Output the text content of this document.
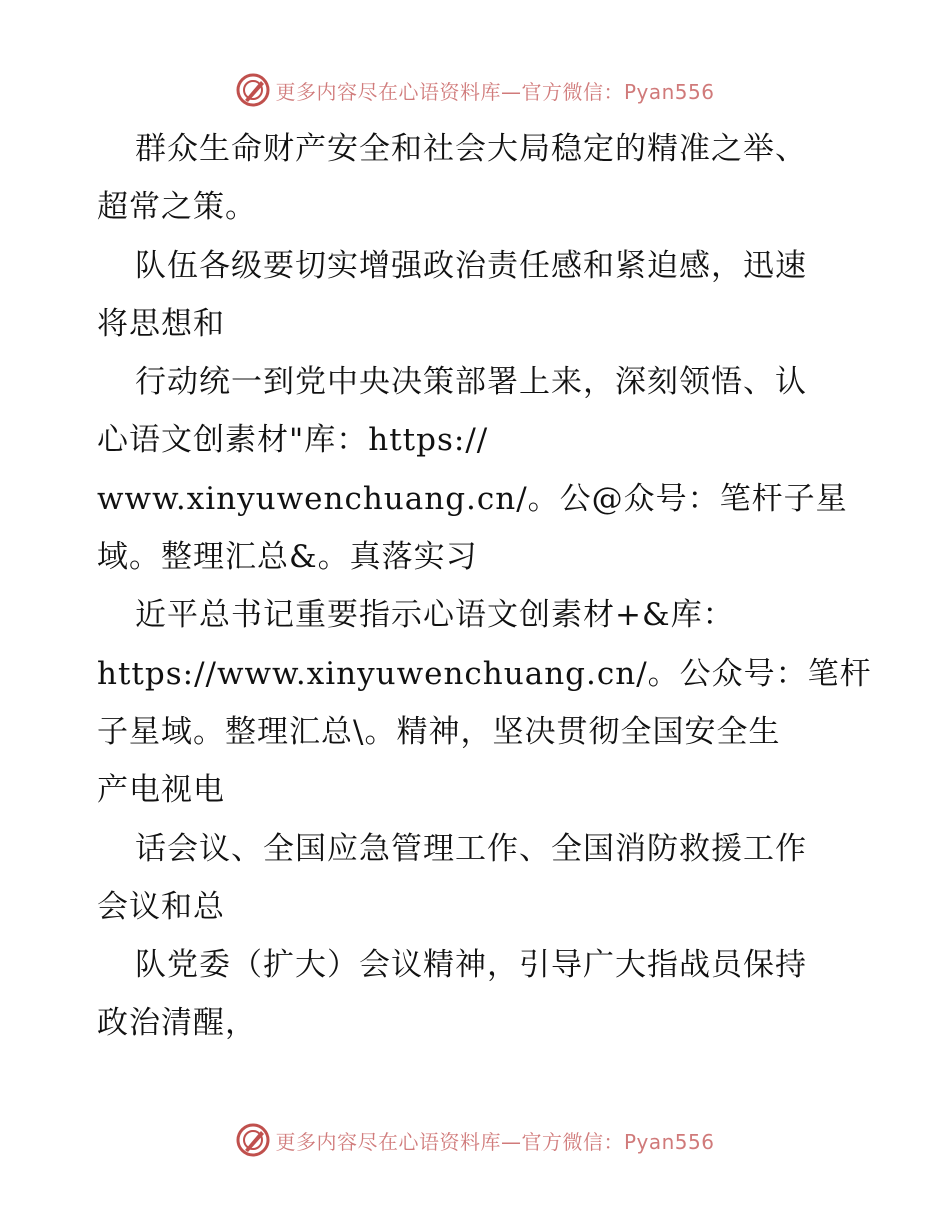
更多内容尽在心语资料库—官方微信：Pyan556
群众生命财产安全和社会大局稳定的精准之举、
超常之策。
队伍各级要切实增强政治责任感和紧迫感，迅速
将思想和
行动统一到党中央决策部署上来，深刻领悟、认
心语文创素材"库：https://
www.xinyuwenchuang.cn/。公@众号：笔杆子星
域。整理汇总&。真落实习
近平总书记重要指示心语文创素材+&库：
https://www.xinyuwenchuang.cn/。公众号：笔杆
子星域。整理汇总\。精神，坚决贯彻全国安全生
产电视电
话会议、全国应急管理工作、全国消防救援工作
会议和总
队党委（扩大）会议精神，引导广大指战员保持
政治清醒，
更多内容尽在心语资料库—官方微信：Pyan556
